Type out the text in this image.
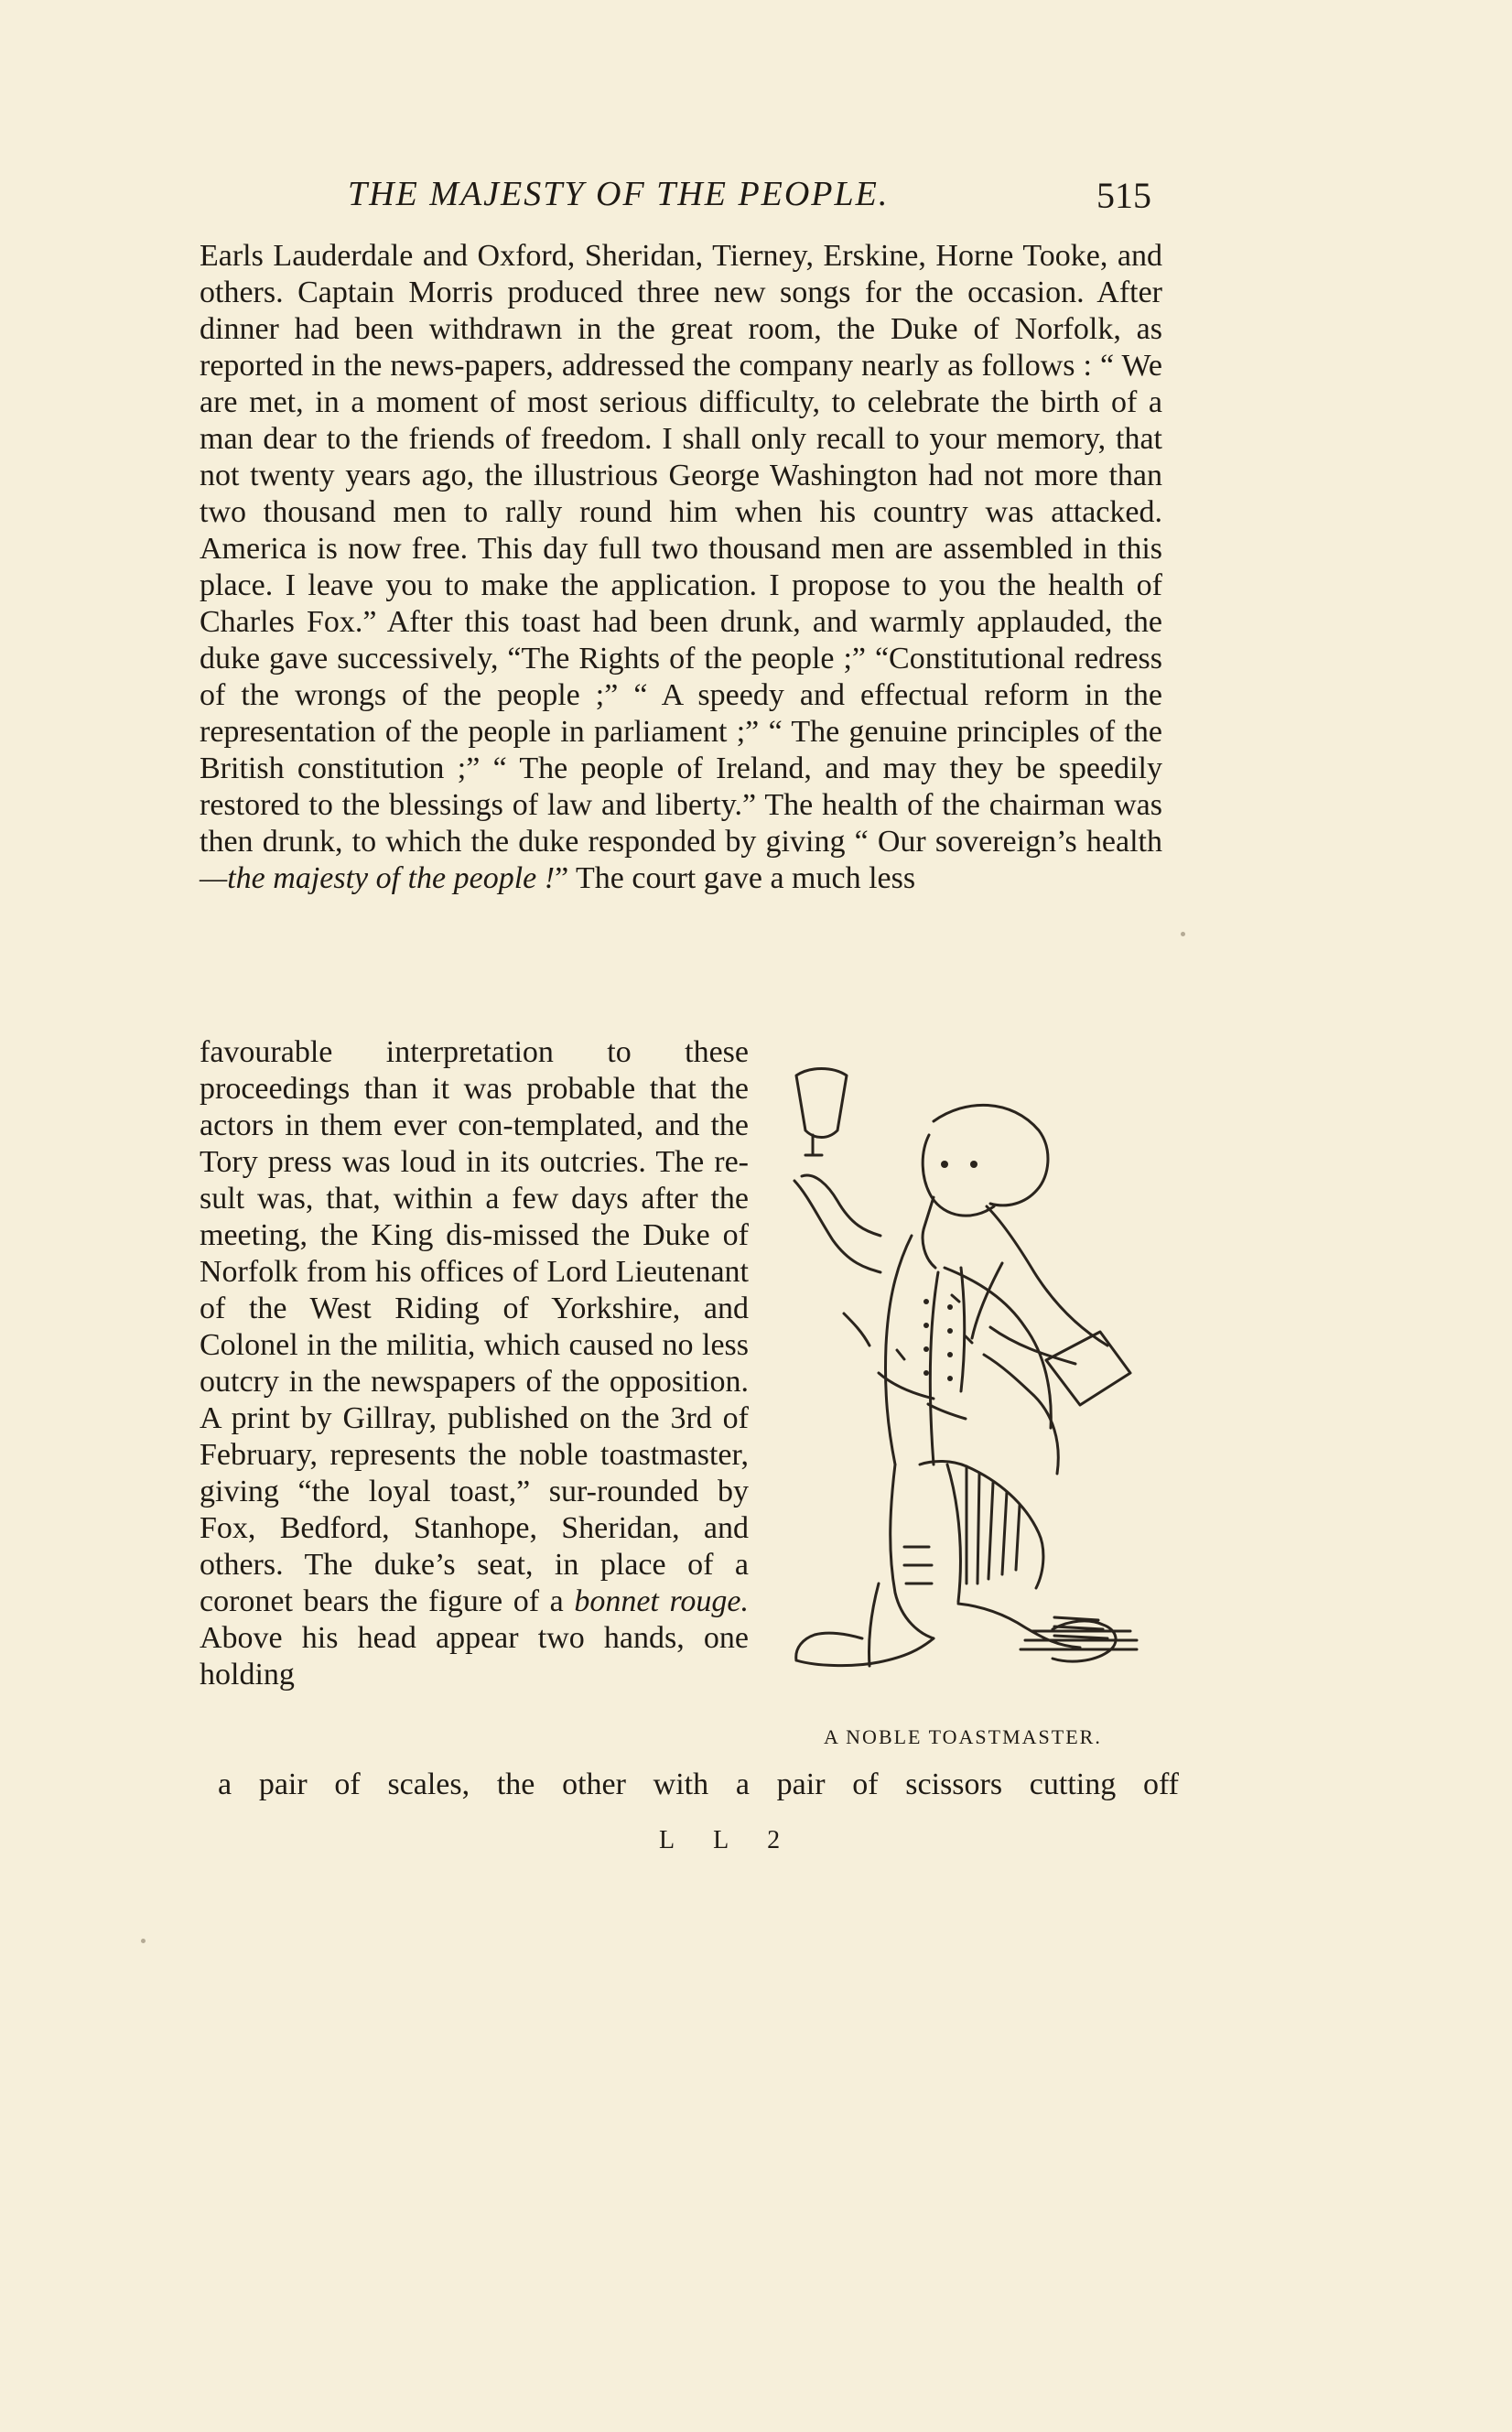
THE MAJESTY OF THE PEOPLE.	515

Earls Lauderdale and Oxford, Sheridan, Tierney, Erskine, Horne Tooke, and others. Captain Morris produced three new songs for the occasion. After dinner had been withdrawn in the great room, the Duke of Norfolk, as reported in the news-papers, addressed the company nearly as follows : “ We are met, in a moment of most serious difficulty, to celebrate the birth of a man dear to the friends of freedom. I shall only recall to your memory, that not twenty years ago, the illustrious George Washington had not more than two thousand men to rally round him when his country was attacked. America is now free. This day full two thousand men are assembled in this place. I leave you to make the application. I propose to you the health of Charles Fox.” After this toast had been drunk, and warmly applauded, the duke gave successively, “The Rights of the people ;” “Constitutional redress of the wrongs of the people ;” “ A speedy and effectual reform in the representation of the people in parliament ;” “ The genuine principles of the British constitution ;” “ The people of Ireland, and may they be speedily restored to the blessings of law and liberty.” The health of the chairman was then drunk, to which the duke responded by giving “ Our sovereign’s health —the majesty of the people !” The court gave a much less

favourable interpretation to these proceedings than it was probable that the actors in them ever con-templated, and the Tory press was loud in its outcries. The re-sult was, that, within a few days after the meeting, the King dis-missed the Duke of Norfolk from his offices of Lord Lieutenant of the West Riding of Yorkshire, and Colonel in the militia, which caused no less outcry in the newspapers of the opposition. A print by Gillray, published on the 3rd of February, represents the noble toastmaster, giving “the loyal toast,” sur-rounded by Fox, Bedford, Stanhope, Sheridan, and others. The duke’s seat, in place of a coronet bears the figure of a bonnet rouge. Above his head appear two hands, one holding

A NOBLE TOASTMASTER.
a pair of scales, the other with a pair of scissors cutting off
L L 2
